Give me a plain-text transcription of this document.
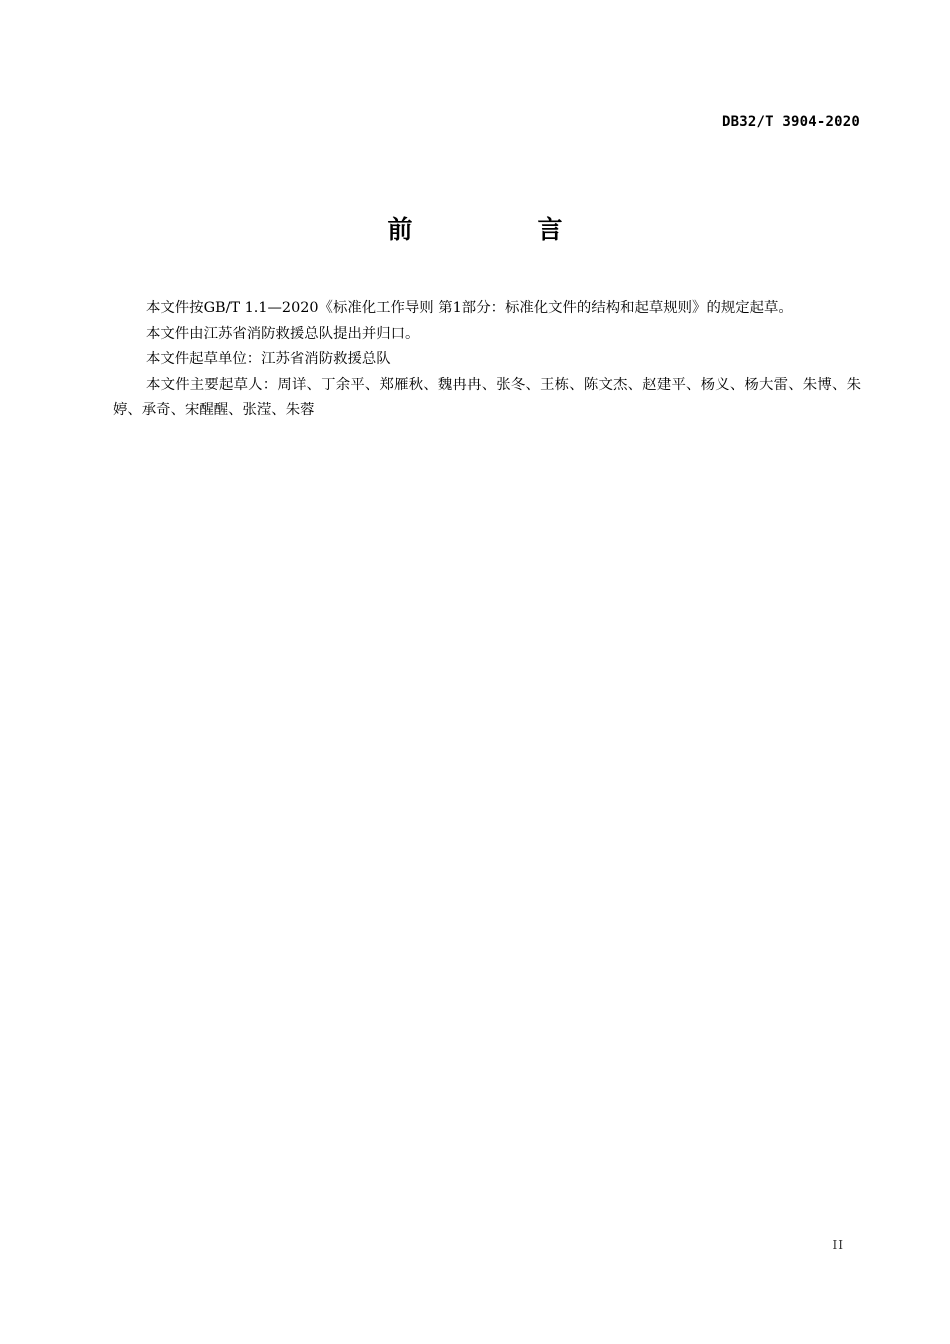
DB32/T 3904-2020
前　言

本文件按GB/T 1.1—2020《标准化工作导则 第1部分：标准化文件的结构和起草规则》的规定起草。

本文件由江苏省消防救援总队提出并归口。

本文件起草单位：江苏省消防救援总队

本文件主要起草人：周详、丁余平、郑雁秋、魏冉冉、张冬、王栋、陈文杰、赵建平、杨义、杨大雷、朱博、朱婷、承奇、宋醒醒、张滢、朱蓉

II
